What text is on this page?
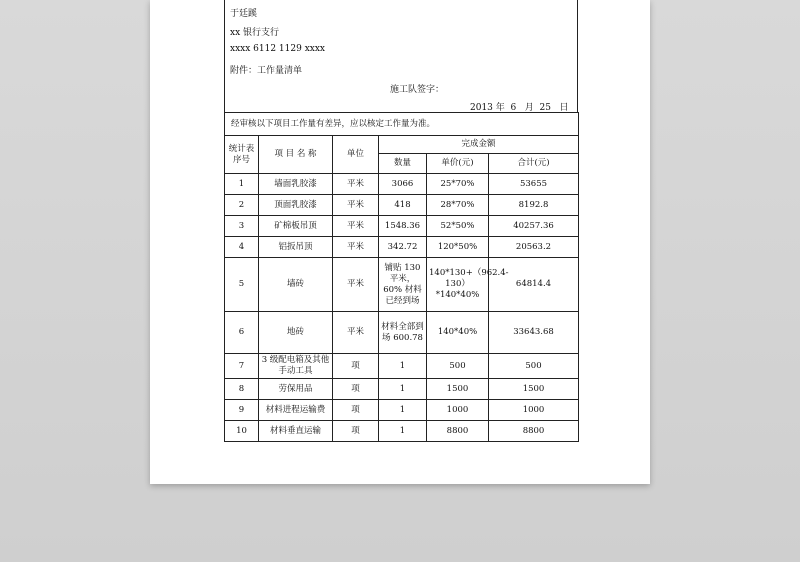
于廷蹊
xx 银行支行
xxxx 6112 1129 xxxx
附件：工作量清单
施工队签字：
2013 年  6   月  25   日
经审核以下项目工作量有差异，应以核定工作量为准。					
统计表序号	项 目 名 称	单位	完成金额		
			数量	单价(元)	合计(元)
1	墙面乳胶漆	平米	3066	25*70%	53655
2	顶面乳胶漆	平米	418	28*70%	8192.8
3	矿棉板吊顶	平米	1548.36	52*50%	40257.36
4	铝扳吊顶	平米	342.72	120*50%	20563.2
5	墙砖	平米	铺贴 130 平米，60% 材料已经到场	140*130+（962.4-130）*140*40%	64814.4
6	地砖	平米	材料全部到场 600.78	140*40%	33643.68
7	3 级配电箱及其他手动工具	项	1	500	500
8	劳保用品	项	1	1500	1500
9	材料进程运输费	项	1	1000	1000
10	材料垂直运输	项	1	8800	8800
